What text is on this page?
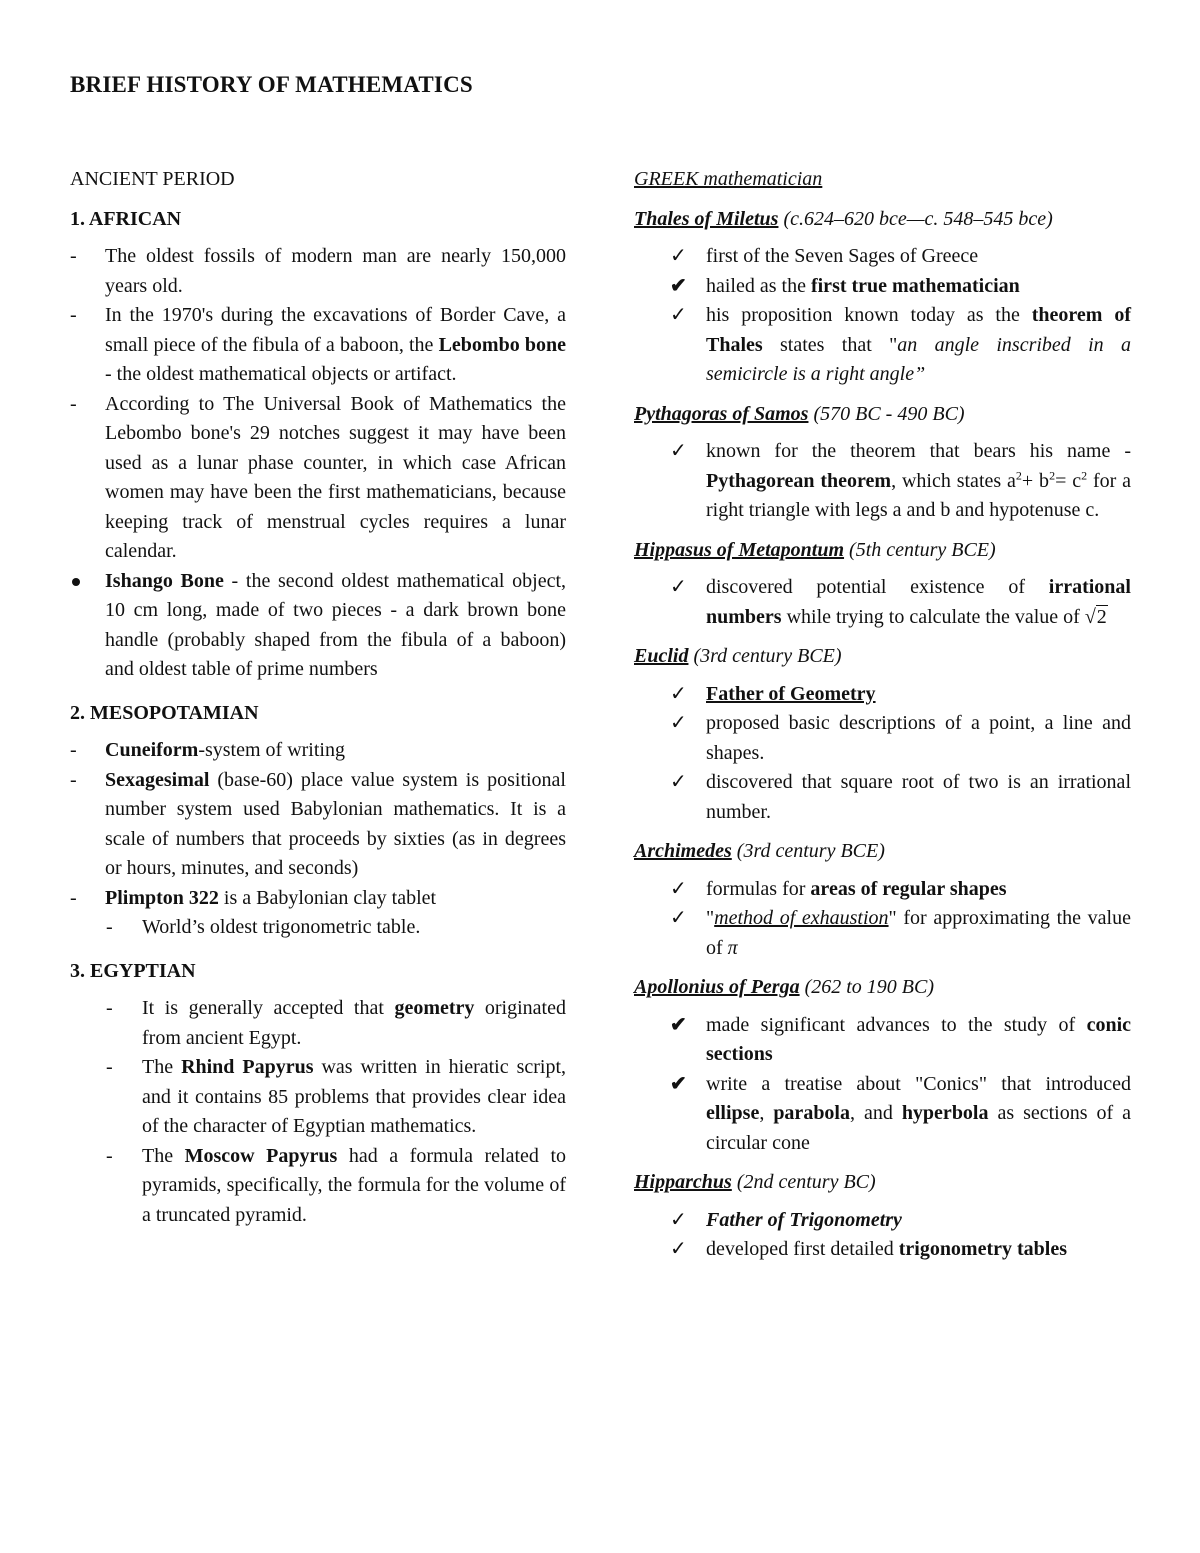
BRIEF HISTORY OF MATHEMATICS
ANCIENT PERIOD
1. AFRICAN
-	The oldest fossils of modern man are nearly 150,000 years old.
-	In the 1970's during the excavations of Border Cave, a small piece of the fibula of a baboon, the Lebombo bone - the oldest mathematical objects or artifact.
-	According to The Universal Book of Mathematics the Lebombo bone's 29 notches suggest it may have been used as a lunar phase counter, in which case African women may have been the first mathematicians, because keeping track of menstrual cycles requires a lunar calendar.
Ishango Bone - the second oldest mathematical object, 10 cm long, made of two pieces - a dark brown bone handle (probably shaped from the fibula of a baboon) and oldest table of prime numbers
2. MESOPOTAMIAN
-	Cuneiform-system of writing
-	Sexagesimal (base-60) place value system is positional number system used Babylonian mathematics. It is a scale of numbers that proceeds by sixties (as in degrees or hours, minutes, and seconds)
-	Plimpton 322 is a Babylonian clay tablet
- World’s oldest trigonometric table.
3. EGYPTIAN
- It is generally accepted that geometry originated from ancient Egypt.
- The Rhind Papyrus was written in hieratic script, and it contains 85 problems that provides clear idea of the character of Egyptian mathematics.
- The Moscow Papyrus had a formula related to pyramids, specifically, the formula for the volume of a truncated pyramid.
GREEK mathematician
Thales of Miletus (c.624–620 bce—c. 548–545 bce)
✓ first of the Seven Sages of Greece
✔ hailed as the first true mathematician
✓ his proposition known today as the theorem of Thales states that "an angle inscribed in a semicircle is a right angle”
Pythagoras of Samos (570 BC - 490 BC)
✓ known for the theorem that bears his name - Pythagorean theorem, which states $a^2+ b^2= c^2$ for a right triangle with legs a and b and hypotenuse c.
Hippasus of Metapontum (5th century BCE)
✓ discovered potential existence of irrational numbers while trying to calculate the value of √2
Euclid (3rd century BCE)
✓ Father of Geometry
✓ proposed basic descriptions of a point, a line and shapes.
✓ discovered that square root of two is an irrational number.
Archimedes (3rd century BCE)
✓ formulas for areas of regular shapes
✓ "method of exhaustion" for approximating the value of π
Apollonius of Perga (262 to 190 BC)
✔ made significant advances to the study of conic sections
✔ write a treatise about "Conics" that introduced ellipse, parabola, and hyperbola as sections of a circular cone
Hipparchus (2nd century BC)
✓ Father of Trigonometry
✓ developed first detailed trigonometry tables
